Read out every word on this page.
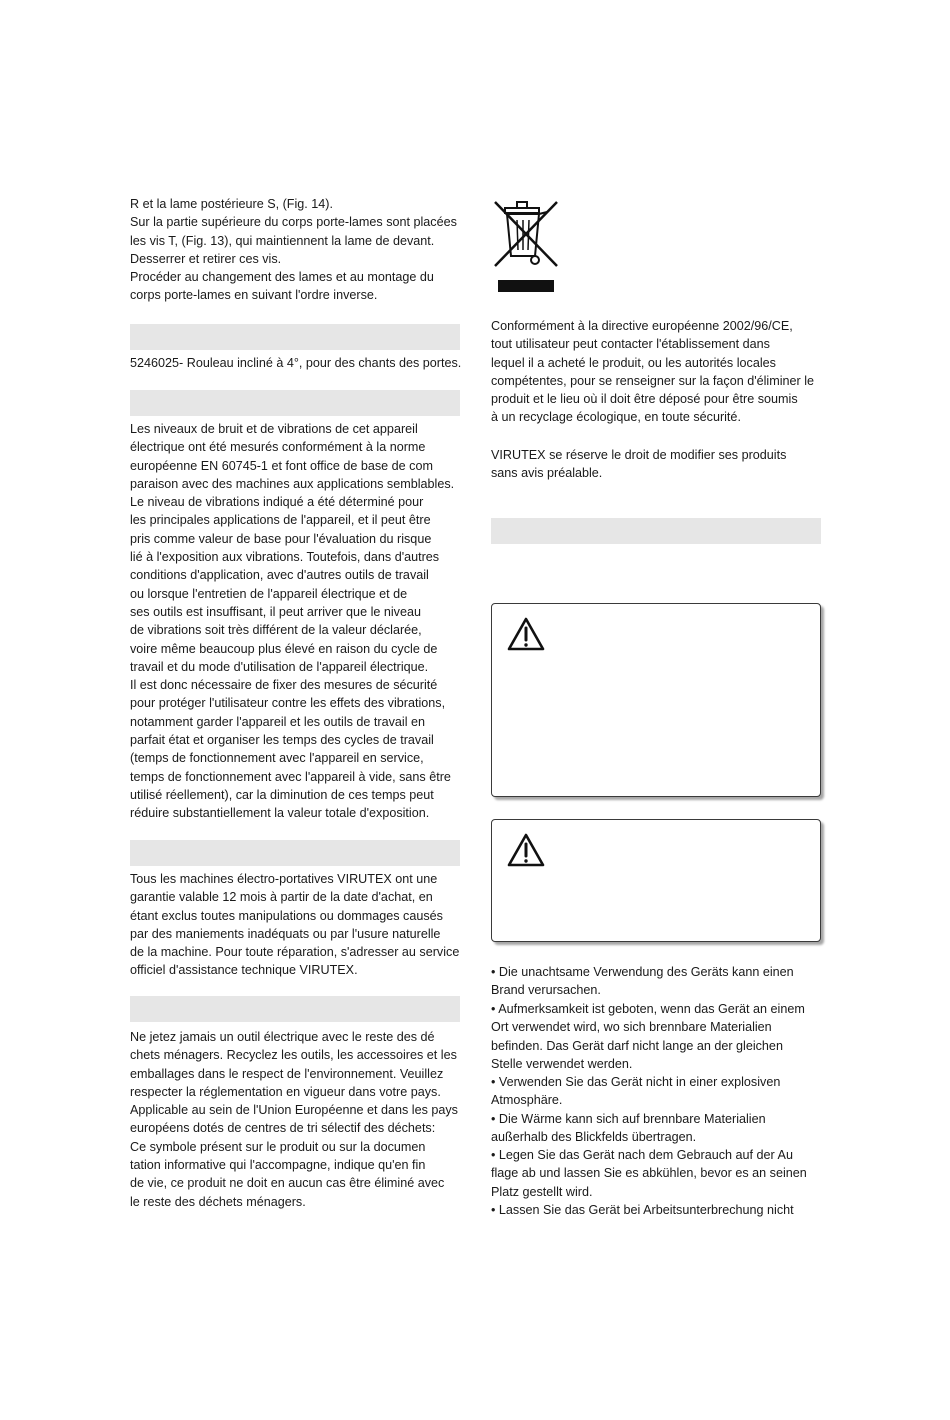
R et la lame postérieure S, (Fig. 14).
Sur la partie supérieure du corps porte-lames sont placées
les vis T, (Fig. 13), qui maintiennent la lame de devant.
Desserrer et retirer ces vis.
Procéder au changement des lames et au montage du
corps porte-lames en suivant l'ordre inverse.
5246025- Rouleau incliné à 4°, pour des chants des portes.
Les niveaux de bruit et de vibrations de cet appareil
électrique ont été mesurés conformément à la norme
européenne EN 60745-1 et font office de base de com
paraison avec des machines aux applications semblables.
Le niveau de vibrations indiqué a été déterminé pour
les principales applications de l'appareil, et il peut être
pris comme valeur de base pour l'évaluation du risque
lié à l'exposition aux vibrations. Toutefois, dans d'autres
conditions d'application, avec d'autres outils de travail
ou lorsque l'entretien de l'appareil électrique et de
ses outils est insuffisant, il peut arriver que le niveau
de vibrations soit très différent de la valeur déclarée,
voire même beaucoup plus élevé en raison du cycle de
travail et du mode d'utilisation de l'appareil électrique.
Il est donc nécessaire de fixer des mesures de sécurité
pour protéger l'utilisateur contre les effets des vibrations,
notamment garder l'appareil et les outils de travail en
parfait état et organiser les temps des cycles de travail
(temps de fonctionnement avec l'appareil en service,
temps de fonctionnement avec l'appareil à vide, sans être
utilisé réellement), car la diminution de ces temps peut
réduire substantiellement la valeur totale d'exposition.
Tous les machines électro-portatives VIRUTEX ont une
garantie valable 12 mois à partir de la date d'achat, en
étant exclus toutes manipulations ou dommages causés
par des maniements inadéquats ou par l'usure naturelle
de la machine. Pour toute réparation, s'adresser au service
officiel d'assistance technique VIRUTEX.
Ne jetez jamais un outil électrique avec le reste des dé
chets ménagers. Recyclez les outils, les accessoires et les
emballages dans le respect de l'environnement. Veuillez
respecter la réglementation en vigueur dans votre pays.
Applicable au sein de l'Union Européenne et dans les pays
européens dotés de centres de tri sélectif des déchets:
Ce symbole présent sur le produit ou sur la documen
tation informative qui l'accompagne, indique qu'en fin
de vie, ce produit ne doit en aucun cas être éliminé avec
le reste des déchets ménagers.
Conformément à la directive européenne 2002/96/CE,
tout utilisateur peut contacter l'établissement dans
lequel il a acheté le produit, ou les autorités locales
compétentes, pour se renseigner sur la façon d'éliminer le
produit et le lieu où il doit être déposé pour être soumis
à un recyclage écologique, en toute sécurité.
VIRUTEX se réserve le droit de modifier ses produits
sans avis préalable.
• Die unachtsame Verwendung des Geräts kann einen
Brand verursachen.
• Aufmerksamkeit ist geboten, wenn das Gerät an einem
Ort verwendet wird, wo sich brennbare Materialien
befinden. Das Gerät darf nicht lange an der gleichen
Stelle verwendet werden.
• Verwenden Sie das Gerät nicht in einer explosiven
Atmosphäre.
• Die Wärme kann sich auf brennbare Materialien
außerhalb des Blickfelds übertragen.
• Legen Sie das Gerät nach dem Gebrauch auf der Au
flage ab und lassen Sie es abkühlen, bevor es an seinen
Platz gestellt wird.
• Lassen Sie das Gerät bei Arbeitsunterbrechung nicht
